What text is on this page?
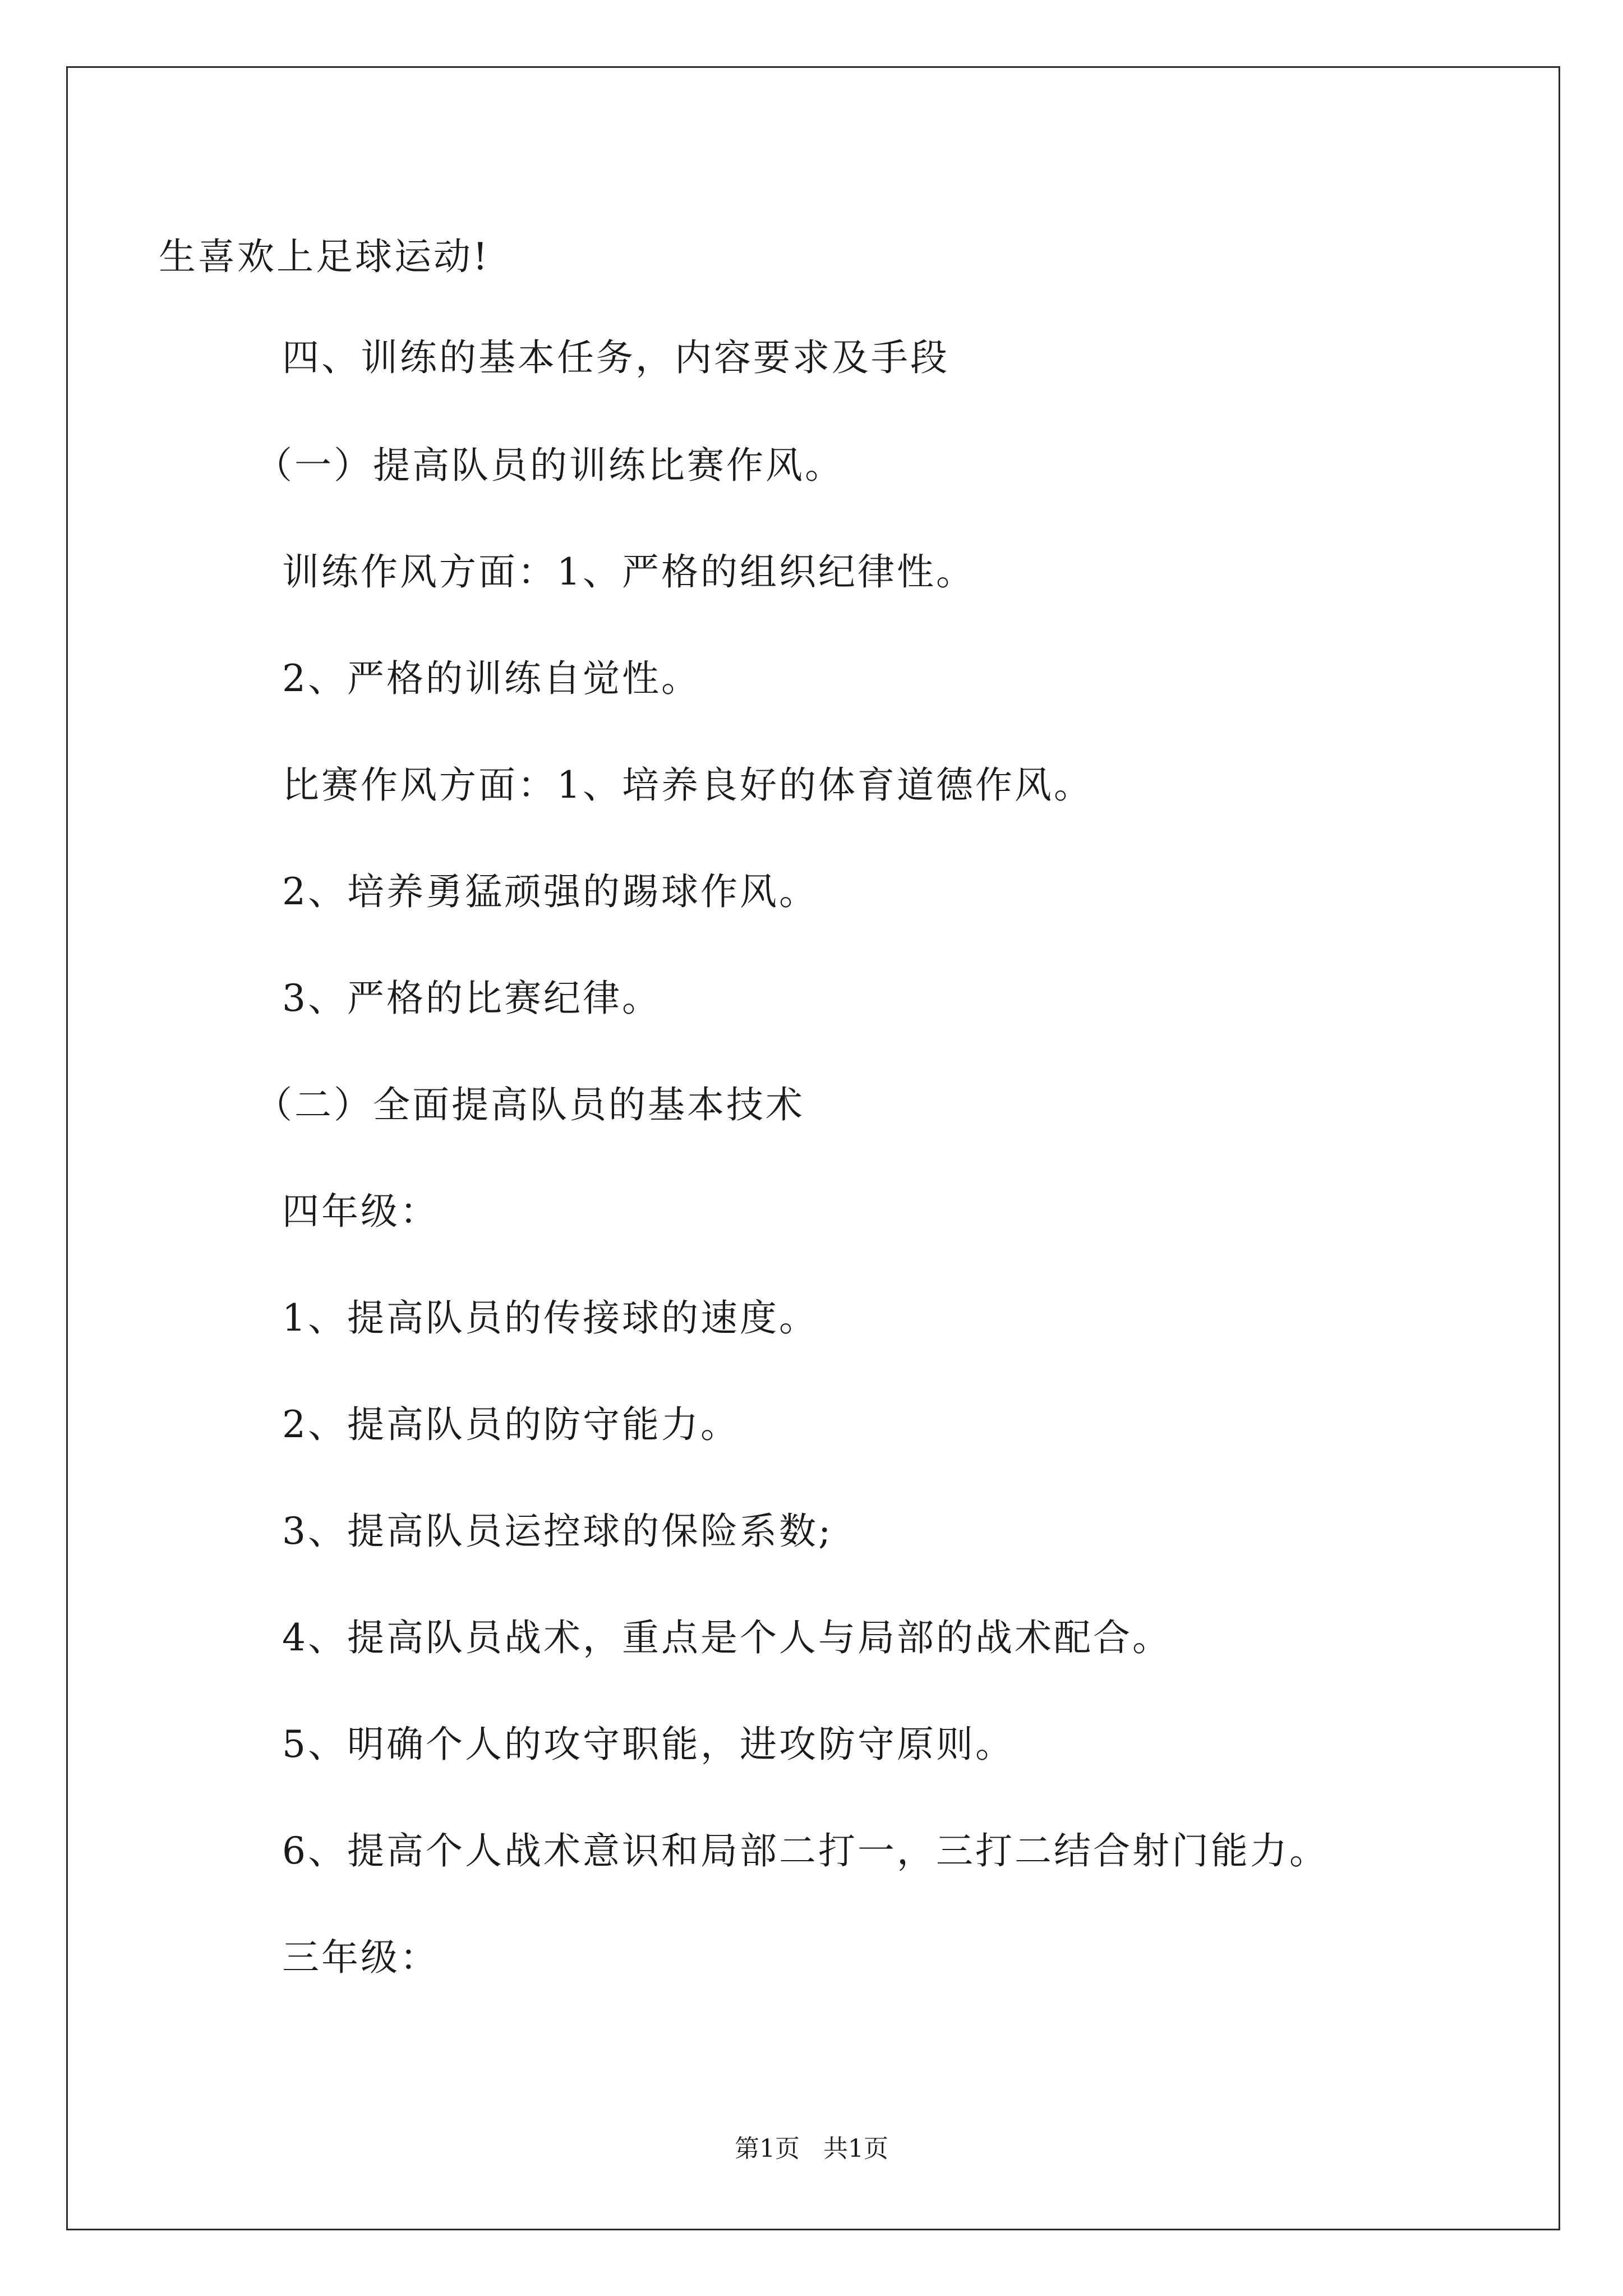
生喜欢上足球运动!
四、训练的基本任务，内容要求及手段
（一）提高队员的训练比赛作风。
训练作风方面：1、严格的组织纪律性。
2、严格的训练自觉性。
比赛作风方面：1、培养良好的体育道德作风。
2、培养勇猛顽强的踢球作风。
3、严格的比赛纪律。
（二）全面提高队员的基本技术
四年级：
1、提高队员的传接球的速度。
2、提高队员的防守能力。
3、提高队员运控球的保险系数;
4、提高队员战术，重点是个人与局部的战术配合。
5、明确个人的攻守职能，进攻防守原则。
6、提高个人战术意识和局部二打一，三打二结合射门能力。
三年级：
第1页   共1页
